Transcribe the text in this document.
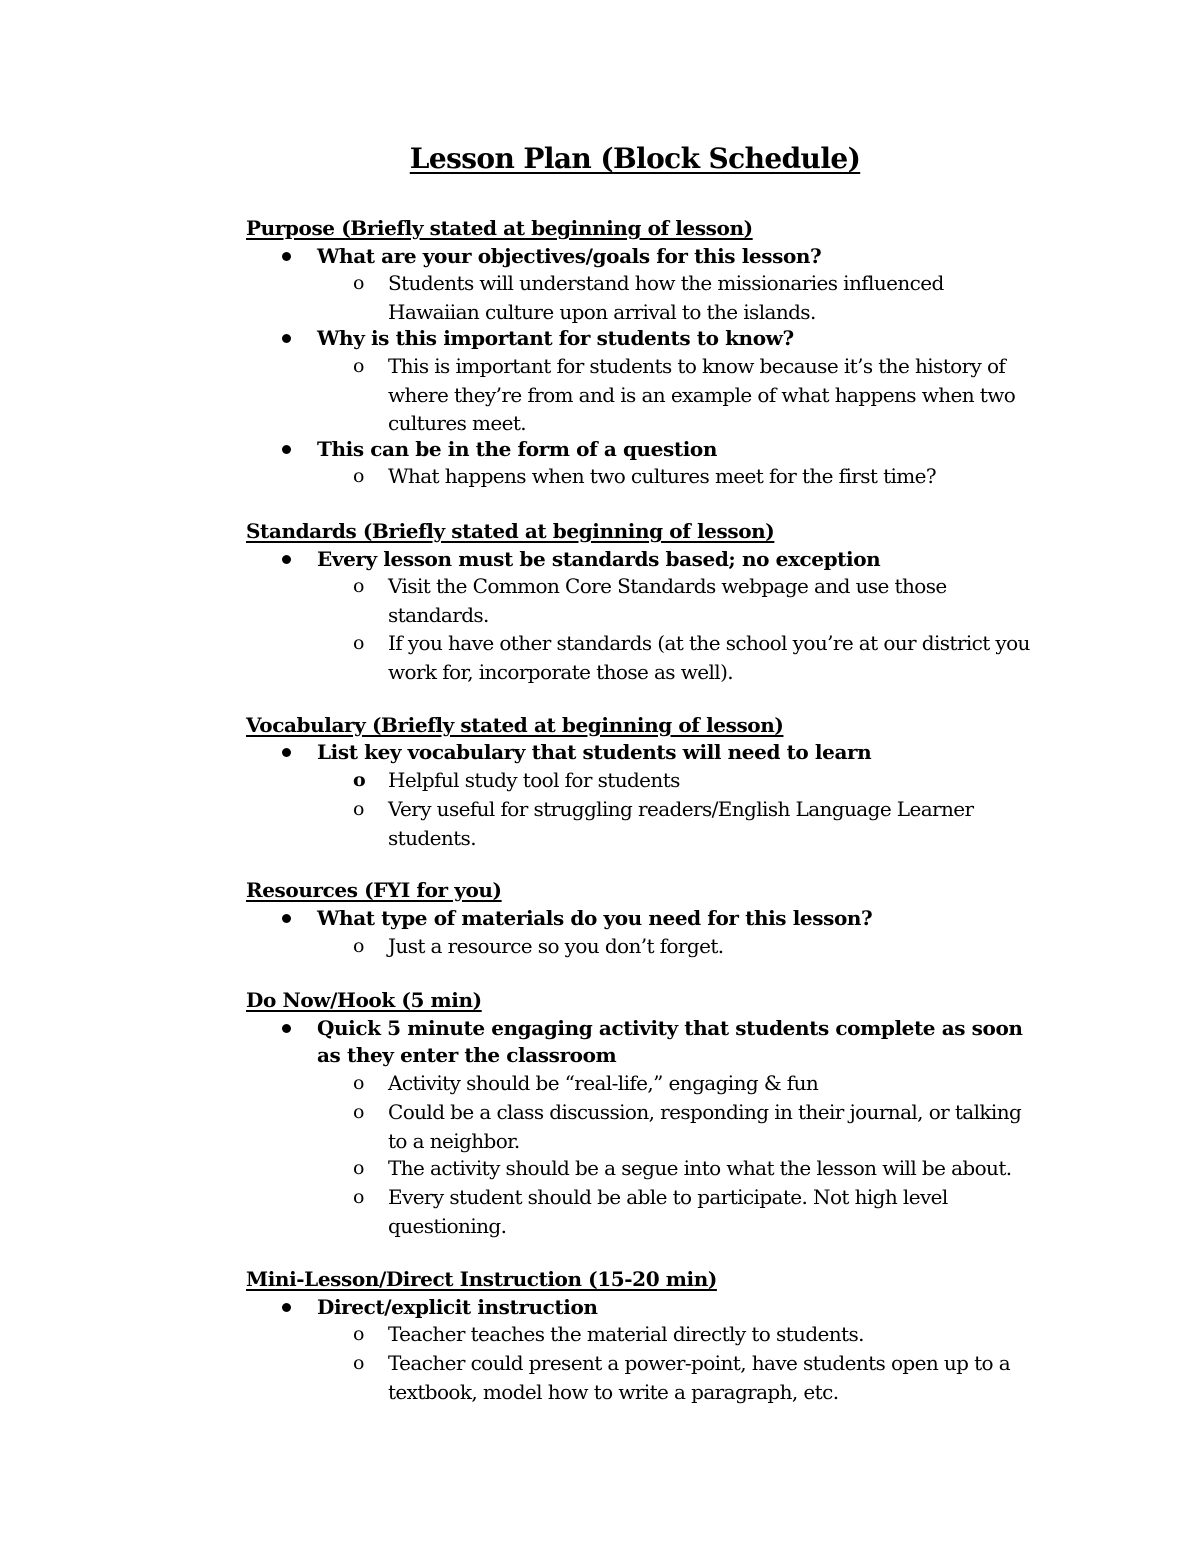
Lesson Plan (Block Schedule)
Purpose (Briefly stated at beginning of lesson)
What are your objectives/goals for this lesson?
o Students will understand how the missionaries influenced Hawaiian culture upon arrival to the islands.
Why is this important for students to know?
o This is important for students to know because it’s the history of where they’re from and is an example of what happens when two cultures meet.
This can be in the form of a question
o What happens when two cultures meet for the first time?
Standards (Briefly stated at beginning of lesson)
Every lesson must be standards based; no exception
o Visit the Common Core Standards webpage and use those standards.
o If you have other standards (at the school you’re at our district you work for, incorporate those as well).
Vocabulary (Briefly stated at beginning of lesson)
List key vocabulary that students will need to learn
o Helpful study tool for students
o Very useful for struggling readers/English Language Learner students.
Resources (FYI for you)
What type of materials do you need for this lesson?
o Just a resource so you don’t forget.
Do Now/Hook (5 min)
Quick 5 minute engaging activity that students complete as soon as they enter the classroom
o Activity should be “real-life,” engaging & fun
o Could be a class discussion, responding in their journal, or talking to a neighbor.
o The activity should be a segue into what the lesson will be about.
o Every student should be able to participate. Not high level questioning.
Mini-Lesson/Direct Instruction (15-20 min)
Direct/explicit instruction
o Teacher teaches the material directly to students.
o Teacher could present a power-point, have students open up to a textbook, model how to write a paragraph, etc.
